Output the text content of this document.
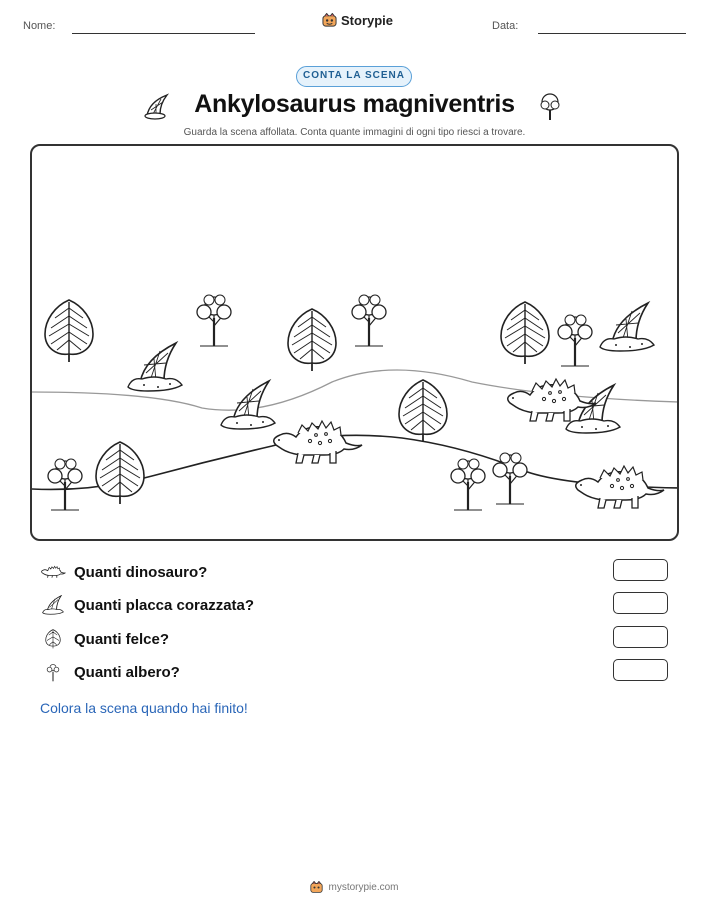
Nome:	Storypie	Data:
CONTA LA SCENA
Ankylosaurus magniventris
Guarda la scena affollata. Conta quante immagini di ogni tipo riesci a trovare.
Quanti dinosauro?
Quanti placca corazzata?
Quanti felce?
Quanti albero?
Colora la scena quando hai finito!
mystorypie.com
